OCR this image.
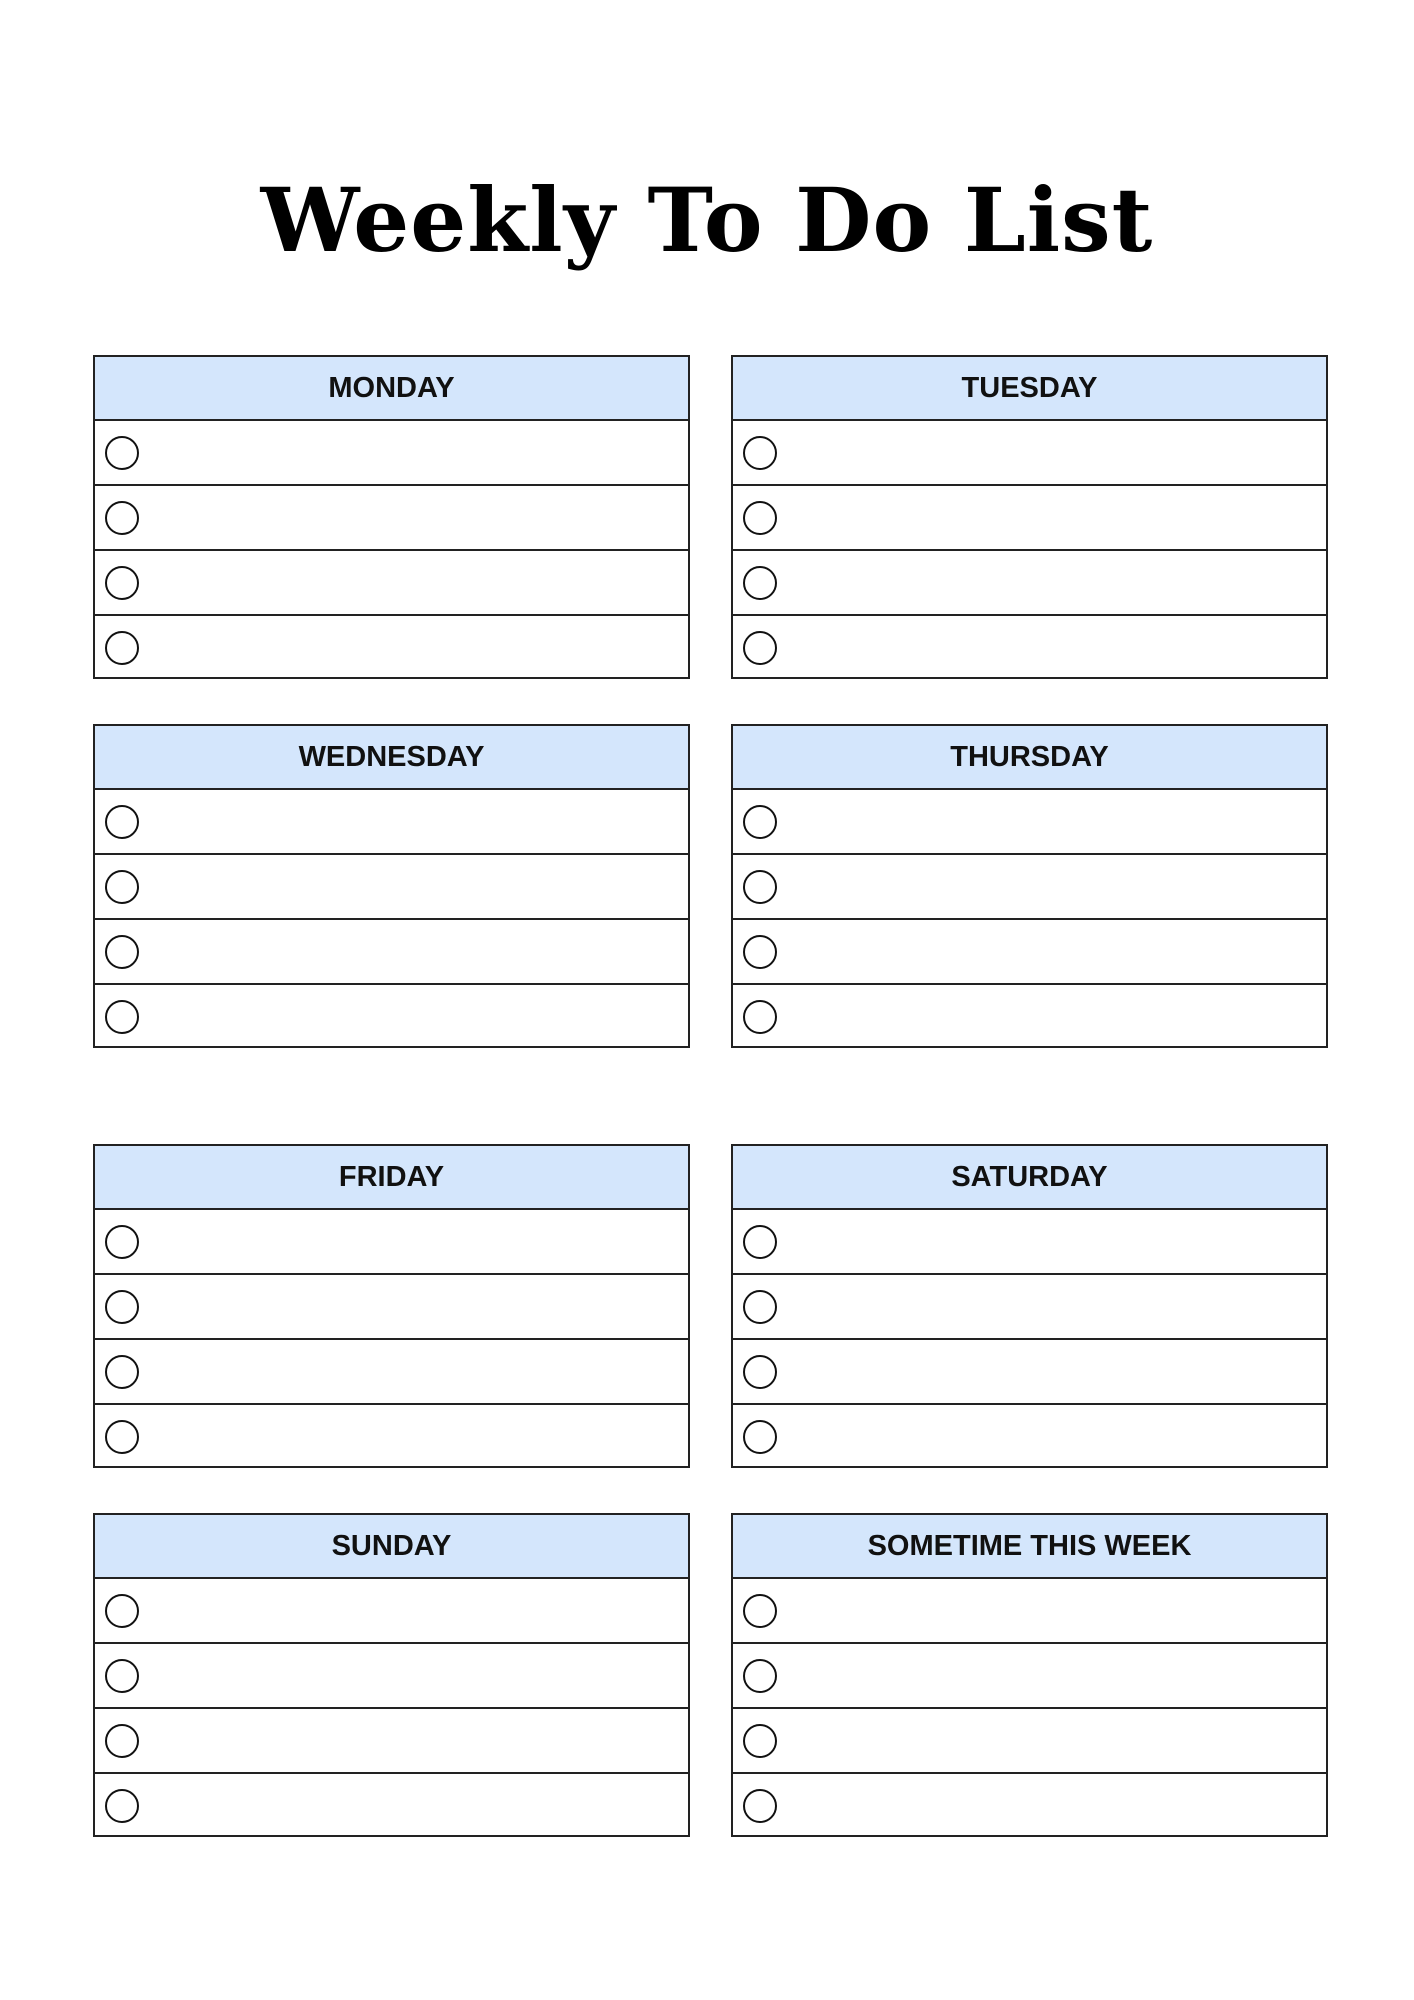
Weekly To Do List
MONDAY	TUESDAY
WEDNESDAY	THURSDAY
FRIDAY	SATURDAY
SUNDAY	SOMETIME THIS WEEK
